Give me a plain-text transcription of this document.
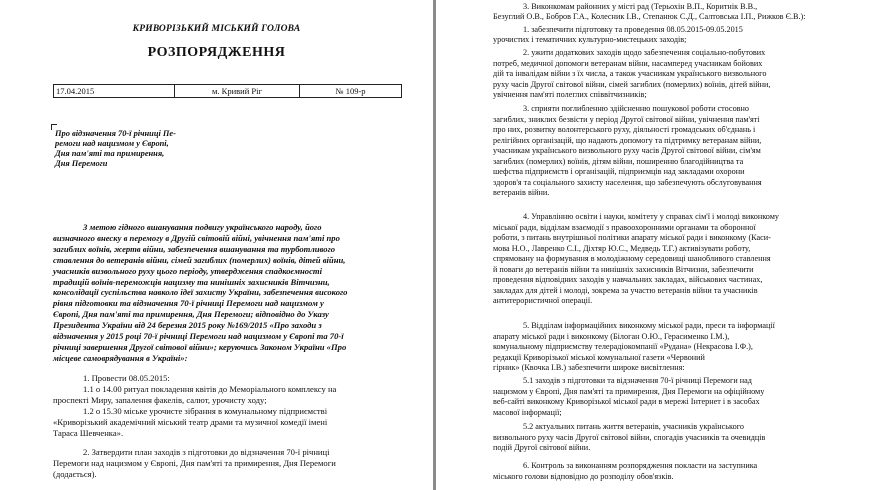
КРИВОРІЗЬКИЙ МІСЬКИЙ ГОЛОВА
РОЗПОРЯДЖЕННЯ
17.04.2015	м. Кривий Ріг	№ 109-р
Про відзначення 70-ї річниці Пе-
ремоги над нацизмом у Європі,
Дня пам'яті та примирення,
Дня Перемоги
З метою гідного вшанування подвигу українського народу, його
визначного внеску в перемогу в Другій світовій війні, увічнення пам'яті про
загиблих воїнів, жертв війни, забезпечення вшанування та турботливого
ставлення до ветеранів війни, сімей загиблих (померлих) воїнів, дітей війни,
учасників визвольного руху цього періоду, утвердження спадкоємності
традицій воїнів-переможців нацизму та нинішніх захисників Вітчизни,
консолідації суспільства навколо ідеї захисту України, забезпечення високого
рівня підготовки та відзначення 70-ї річниці Перемоги над нацизмом у
Європі, Дня пам'яті та примирення, Дня Перемоги; відповідно до Указу
Президента України від 24 березня 2015 року №169/2015 «Про заходи з
відзначення у 2015 році 70-ї річниці Перемоги над нацизмом у Європі та 70-ї
річниці завершення Другої світової війни»; керуючись Законом України «Про
місцеве самоврядування в Україні»:
1. Провести 08.05.2015:
1.1 о 14.00 ритуал покладення квітів до Меморіального комплексу на
проспекті Миру, запалення факелів, салют, урочисту ходу;
1.2 о 15.30 міське урочисте зібрання в комунальному підприємстві
«Криворізький академічний міський театр драми та музичної комедії імені
Тараса Шевченка».
2. Затвердити план заходів з підготовки до відзначення 70-ї річниці
Перемоги над нацизмом у Європі, Дня пам'яті та примирення, Дня Перемоги
(додається).
3. Виконкомам районних у місті рад (Терьохін В.П., Коритнік В.В.,
Безуглий О.В., Бобров Г.А., Колесник І.В., Степанюк С.Д., Салтовська І.П., Рижков Є.В.):
1. забезпечити підготовку та проведення 08.05.2015-09.05.2015
урочистих і тематичних культурно-мистецьких заходів;
2. ужити додаткових заходів щодо забезпечення соціально-побутових
потреб, медичної допомоги ветеранам війни, насамперед учасникам бойових
дій та інвалідам війни з їх числа, а також учасникам українського визвольного
руху часів Другої світової війни, сімей загиблих (померлих) воїнів, дітей війни,
увічнення пам'яті полеглих співвітчизників;
3. сприяти поглибленню здійсненню пошукової роботи стосовно
загиблих, зниклих безвісти у період Другої світової війни, увічнення пам'яті
про них, розвитку волонтерського руху, діяльності громадських об'єднань і
релігійних організацій, що надають допомогу та підтримку ветеранам війни,
учасникам українського визвольного руху часів Другої світової війни, сім'ям
загиблих (померлих) воїнів, дітям війни, поширенню благодійництва та
шефства підприємств і організацій, підприємців над закладами охорони
здоров'я та соціального захисту населення, що забезпечують обслуговування
ветеранів війни.
4. Управлінню освіти і науки, комітету у справах сім'ї і молоді виконкому
міської ради, відділам взаємодії з правоохоронними органами та оборонної
роботи, з питань внутрішньої політики апарату міської ради і виконкому (Каси-
мова Н.О., Лавренко С.І., Діхтяр Ю.С., Медведь Т.Г.) активізувати роботу,
спрямовану на формування в молодіжному середовищі шанобливого ставлення
й поваги до ветеранів війни та нинішніх захисників Вітчизни, забезпечити
проведення відповідних заходів у навчальних закладах, військових частинах,
закладах для дітей і молоді, зокрема за участю ветеранів війни та учасників
антитерористичної операції.
5. Відділам інформаційних виконкому міської ради, преси та інформації
апарату міської ради і виконкому (Білоган О.Ю., Герасименко І.М.),
комунальному підприємству телерадіокомпанії «Рудана» (Некрасова І.Ф.),
редакції Криворізької міської комунальної газети «Червоний
гірник» (Квочка І.В.) забезпечити широке висвітлення:
5.1 заходів з підготовки та відзначення 70-ї річниці Перемоги над
нацизмом у Європі, Дня пам'яті та примирення, Дня Перемоги на офіційному
веб-сайті виконкому Криворізької міської ради в мережі Інтернет і в засобах
масової інформації;
5.2 актуальних питань життя ветеранів, учасників українського
визвольного руху часів Другої світової війни, спогадів учасників та очевидців
подій Другої світової війни.
6. Контроль за виконанням розпорядження покласти на заступника
міського голови відповідно до розподілу обов'язків.
